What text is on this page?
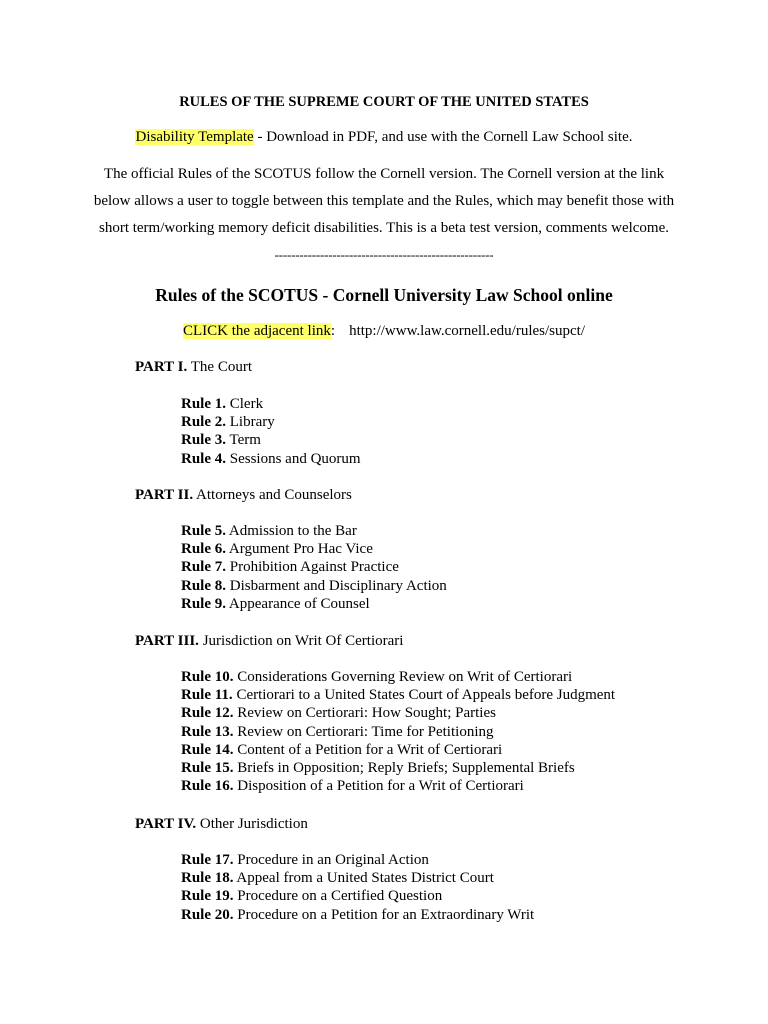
RULES OF THE SUPREME COURT OF THE UNITED STATES
Disability Template - Download in PDF, and use with the Cornell Law School site.
The official Rules of the SCOTUS follow the Cornell version. The Cornell version at the link
below allows a user to toggle between this template and the Rules, which may benefit those with
short term/working memory deficit disabilities. This is a beta test version, comments welcome.
-----------------------------------------------------
Rules of the SCOTUS - Cornell University Law School online
CLICK the adjacent link: http://www.law.cornell.edu/rules/supct/
PART I. The Court
Rule 1. Clerk
Rule 2. Library
Rule 3. Term
Rule 4. Sessions and Quorum
PART II. Attorneys and Counselors
Rule 5. Admission to the Bar
Rule 6. Argument Pro Hac Vice
Rule 7. Prohibition Against Practice
Rule 8. Disbarment and Disciplinary Action
Rule 9. Appearance of Counsel
PART III. Jurisdiction on Writ Of Certiorari
Rule 10. Considerations Governing Review on Writ of Certiorari
Rule 11. Certiorari to a United States Court of Appeals before Judgment
Rule 12. Review on Certiorari: How Sought; Parties
Rule 13. Review on Certiorari: Time for Petitioning
Rule 14. Content of a Petition for a Writ of Certiorari
Rule 15. Briefs in Opposition; Reply Briefs; Supplemental Briefs
Rule 16. Disposition of a Petition for a Writ of Certiorari
PART IV. Other Jurisdiction
Rule 17. Procedure in an Original Action
Rule 18. Appeal from a United States District Court
Rule 19. Procedure on a Certified Question
Rule 20. Procedure on a Petition for an Extraordinary Writ
